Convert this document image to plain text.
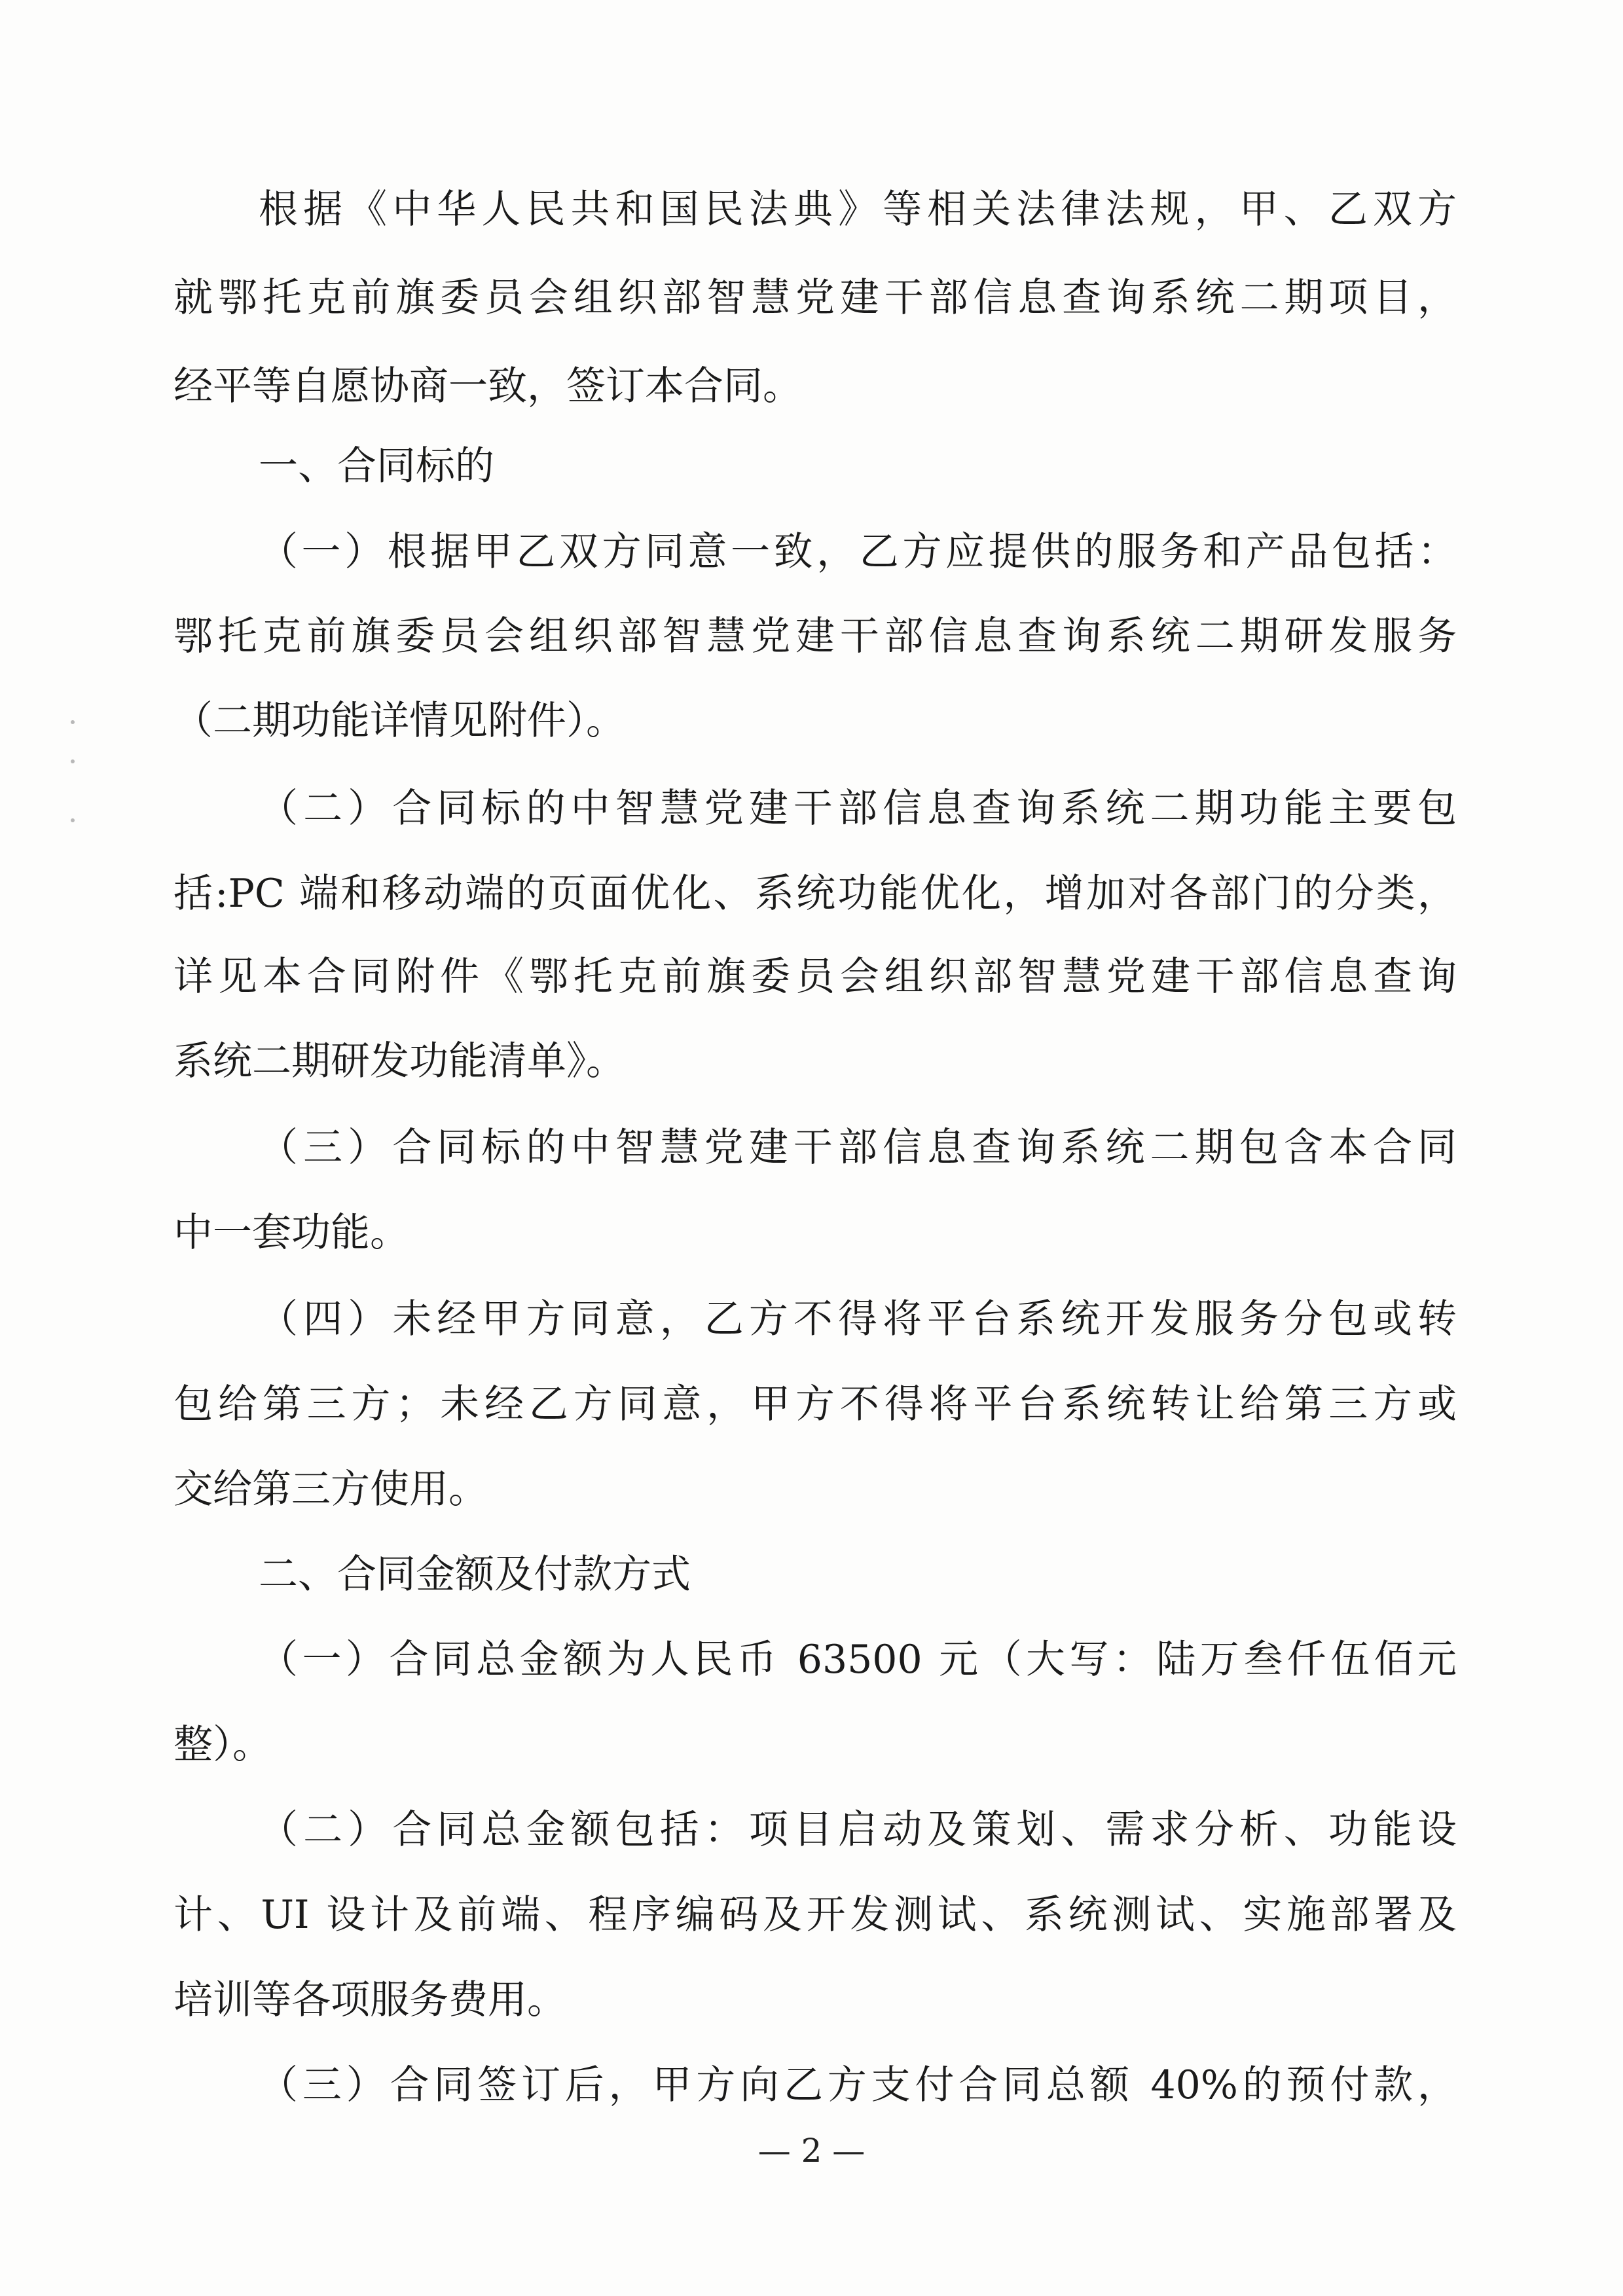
根据《中华人民共和国民法典》等相关法律法规，甲、乙双方
就鄂托克前旗委员会组织部智慧党建干部信息查询系统二期项目，
经平等自愿协商一致，签订本合同。
一、合同标的
（一）根据甲乙双方同意一致，乙方应提供的服务和产品包括：
鄂托克前旗委员会组织部智慧党建干部信息查询系统二期研发服务
（二期功能详情见附件）。
（二）合同标的中智慧党建干部信息查询系统二期功能主要包
括:PC 端和移动端的页面优化、系统功能优化，增加对各部门的分类，
详见本合同附件《鄂托克前旗委员会组织部智慧党建干部信息查询
系统二期研发功能清单》。
（三）合同标的中智慧党建干部信息查询系统二期包含本合同
中一套功能。
（四）未经甲方同意，乙方不得将平台系统开发服务分包或转
包给第三方；未经乙方同意，甲方不得将平台系统转让给第三方或
交给第三方使用。
二、合同金额及付款方式
（一）合同总金额为人民币 63500 元（大写：陆万叁仟伍佰元
整）。
（二）合同总金额包括：项目启动及策划、需求分析、功能设
计、UI 设计及前端、程序编码及开发测试、系统测试、实施部署及
培训等各项服务费用。
（三）合同签订后，甲方向乙方支付合同总额 40%的预付款，
— 2 —
